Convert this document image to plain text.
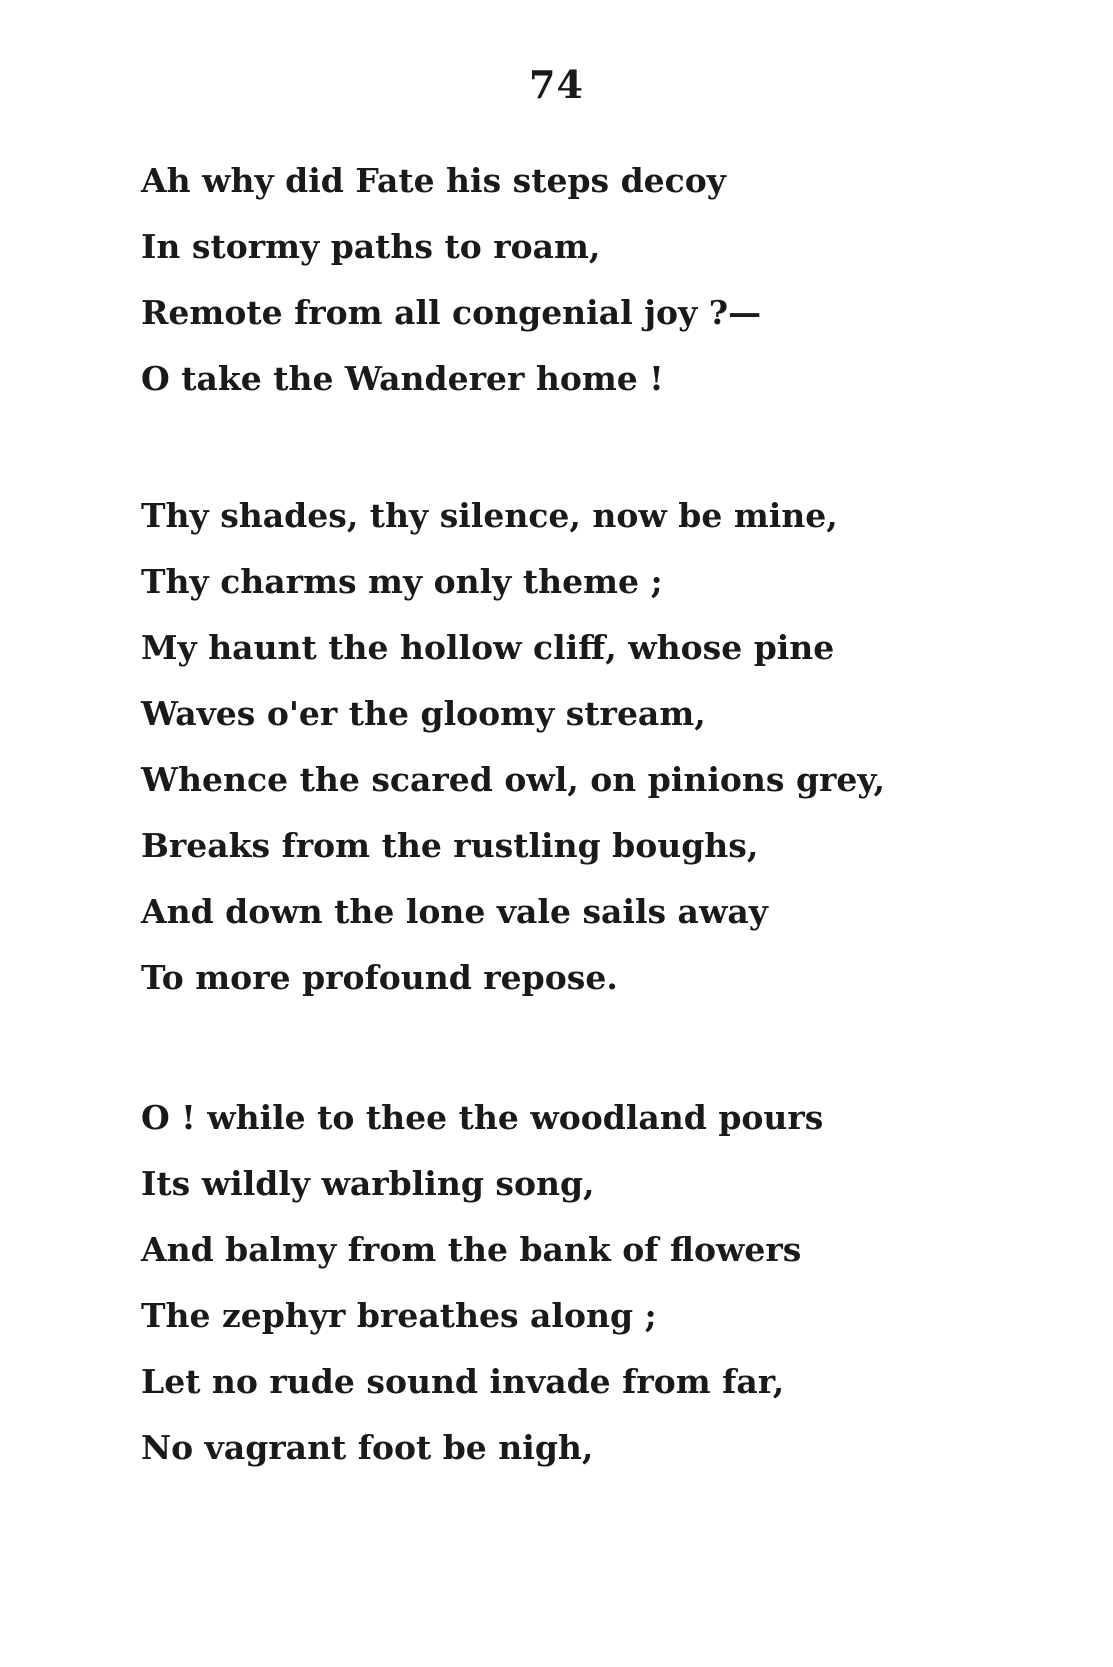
74
Ah why did Fate his steps decoy
In stormy paths to roam,
Remote from all congenial joy ?—
O take the Wanderer home !
Thy shades, thy silence, now be mine,
Thy charms my only theme ;
My haunt the hollow cliff, whose pine
Waves o'er the gloomy stream,
Whence the scared owl, on pinions grey,
Breaks from the rustling boughs,
And down the lone vale sails away
To more profound repose.
O ! while to thee the woodland pours
Its wildly warbling song,
And balmy from the bank of flowers
The zephyr breathes along ;
Let no rude sound invade from far,
No vagrant foot be nigh,
